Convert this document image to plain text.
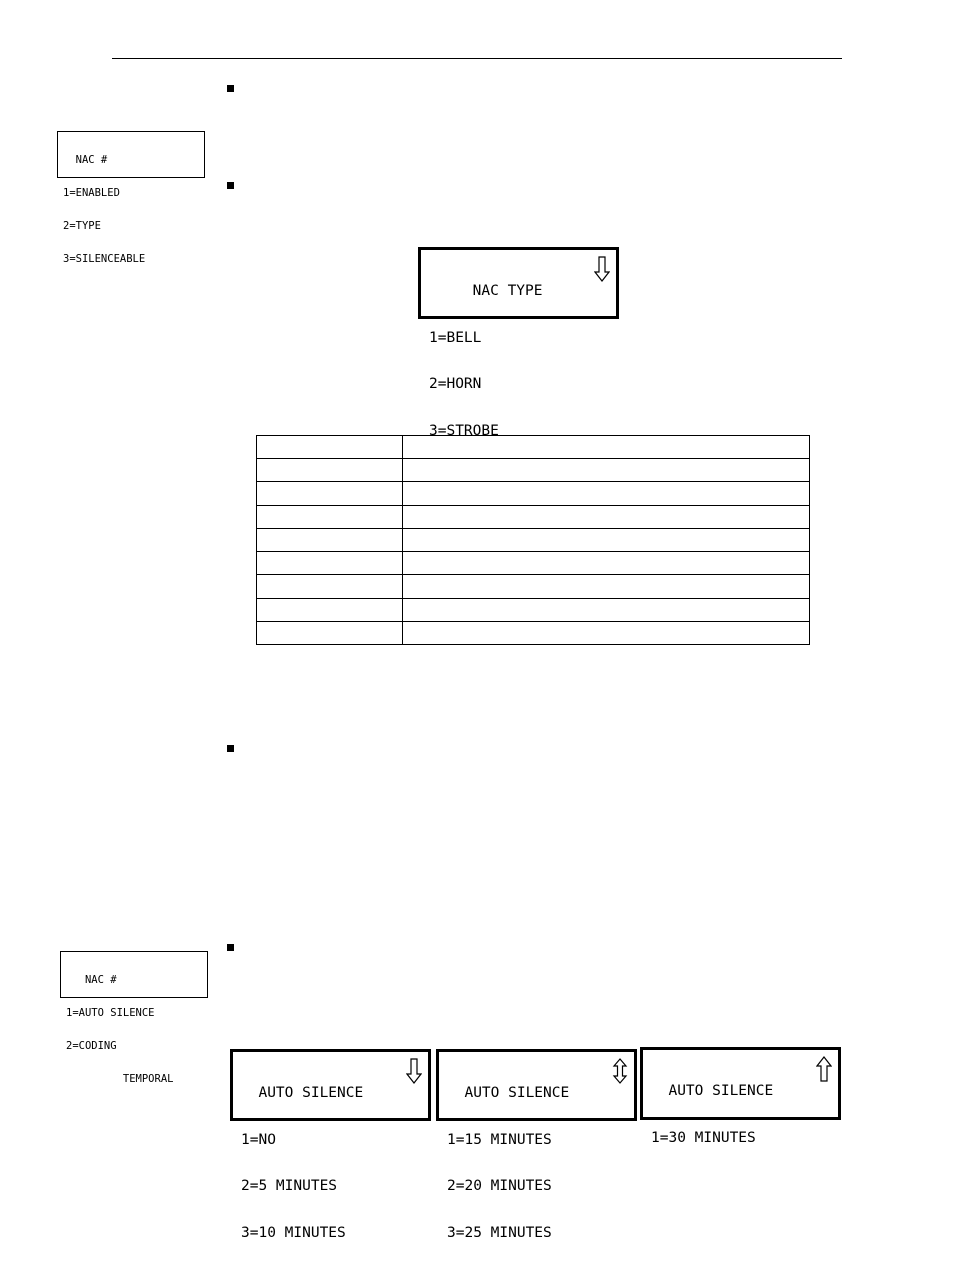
NAC #

1=ENABLED

2=TYPE

3=SILENCEABLE

NAC TYPE

1=BELL

2=HORN

3=STROBE

NAC #

1=AUTO SILENCE

2=CODING

TEMPORAL

AUTO SILENCE

1=NO

2=5 MINUTES

3=10 MINUTES

AUTO SILENCE

1=15 MINUTES

2=20 MINUTES

3=25 MINUTES

AUTO SILENCE

1=30 MINUTES
